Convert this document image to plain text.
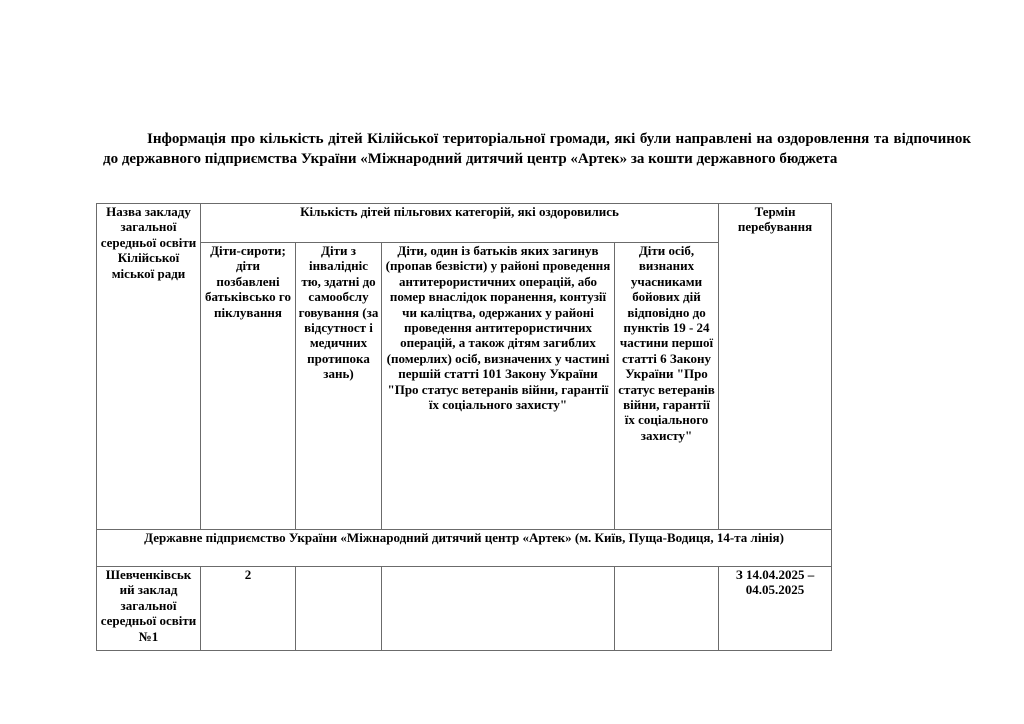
Інформація про кількість дітей Кілійської територіальної громади, які були направлені на оздоровлення та відпочинок до державного підприємства України «Міжнародний дитячий центр «Артек» за кошти державного бюджета

Назва закладу загальної середньої освіти Кілійської міської ради	Кількість дітей пільгових категорій, які оздоровились				Термін перебування
	Діти-сироти; діти позбавлені батьківсько го піклування	Діти з інвалідніс тю, здатні до самообслу говування (за відсутност і медичних протипока зань)	Діти, один із батьків яких загинув (пропав безвісти) у районі проведення антитерористичних операцій, або помер внаслідок поранення, контузії чи каліцтва, одержаних у районі проведення антитерористичних операцій, а також дітям загиблих (померлих) осіб, визначених у частині першій статті 101 Закону України "Про статус ветеранів війни, гарантії їх соціального захисту"	Діти осіб, визнаних учасниками бойових дій відповідно до пунктів 19 - 24 частини першої статті 6 Закону України "Про статус ветеранів війни, гарантії їх соціального захисту"	
Державне підприємство України «Міжнародний дитячий центр «Артек» (м. Київ, Пуща-Водиця, 14-та лінія)					
Шевченківськ ий заклад загальної середньої освіти №1	2				З 14.04.2025 – 04.05.2025
